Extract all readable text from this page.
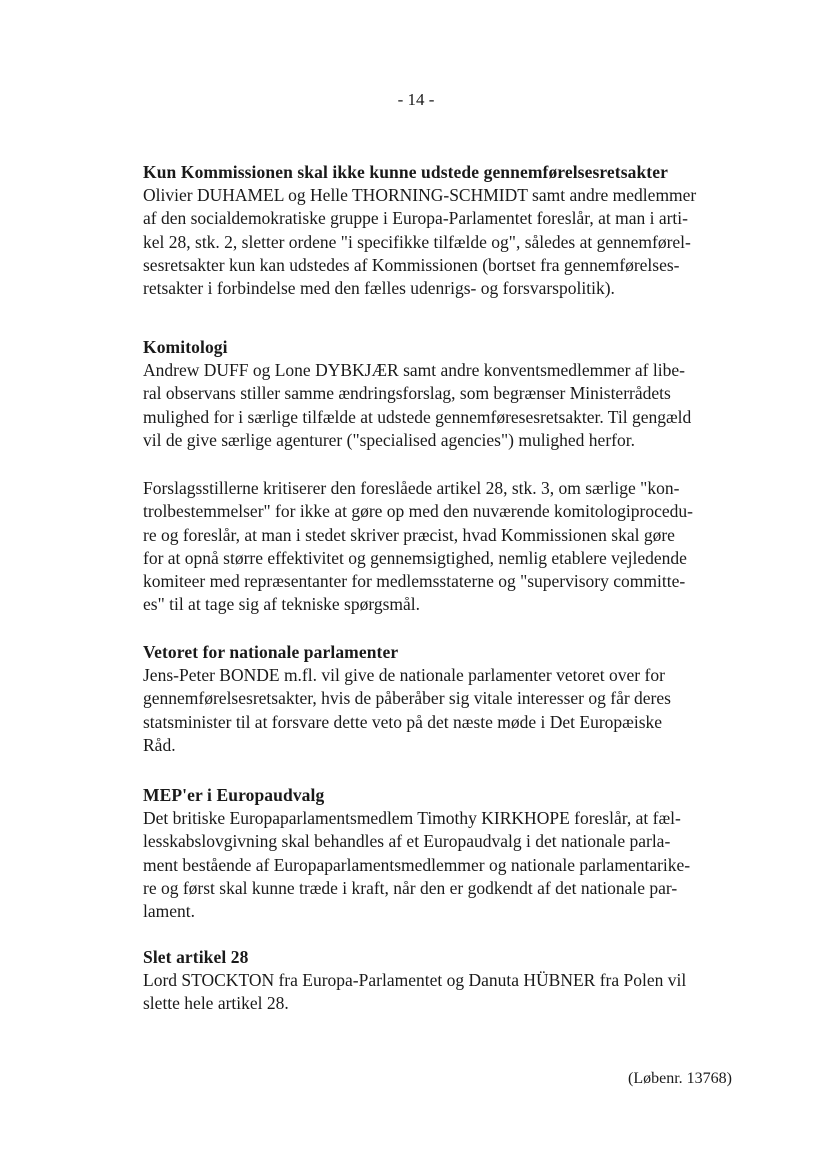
- 14 -

Kun Kommissionen skal ikke kunne udstede gennemførelsesretsakter

Olivier DUHAMEL og Helle THORNING-SCHMIDT samt andre medlemmer

af den socialdemokratiske gruppe i Europa-Parlamentet foreslår, at man i arti-

kel 28, stk. 2, sletter ordene "i specifikke tilfælde og", således at gennemførel-

sesretsakter kun kan udstedes af Kommissionen (bortset fra gennemførelses-

retsakter i forbindelse med den fælles udenrigs- og forsvarspolitik).

Komitologi

Andrew DUFF og Lone DYBKJÆR samt andre konventsmedlemmer af libe-

ral observans stiller samme ændringsforslag, som begrænser Ministerrådets

mulighed for i særlige tilfælde at udstede gennemføresesretsakter. Til gengæld

vil de give særlige agenturer ("specialised agencies") mulighed herfor.

Forslagsstillerne kritiserer den foreslåede artikel 28, stk. 3, om særlige "kon-

trolbestemmelser" for ikke at gøre op med den nuværende komitologiprocedu-

re og foreslår, at man i stedet skriver præcist, hvad Kommissionen skal gøre

for at opnå større effektivitet og gennemsigtighed, nemlig etablere vejledende

komiteer med repræsentanter for medlemsstaterne og "supervisory committe-

es" til at tage sig af tekniske spørgsmål.

Vetoret for nationale parlamenter

Jens-Peter BONDE m.fl. vil give de nationale parlamenter vetoret over for

gennemførelsesretsakter, hvis de påberåber sig vitale interesser og får deres

statsminister til at forsvare dette veto på det næste møde i Det Europæiske

Råd.

MEP'er i Europaudvalg

Det britiske Europaparlamentsmedlem Timothy KIRKHOPE foreslår, at fæl-

lesskabslovgivning skal behandles af et Europaudvalg i det nationale parla-

ment bestående af Europaparlamentsmedlemmer og nationale parlamentarike-

re og først skal kunne træde i kraft, når den er godkendt af det nationale par-

lament.

Slet artikel 28

Lord STOCKTON fra Europa-Parlamentet og Danuta HÜBNER fra Polen vil

slette hele artikel 28.

(Løbenr. 13768)
